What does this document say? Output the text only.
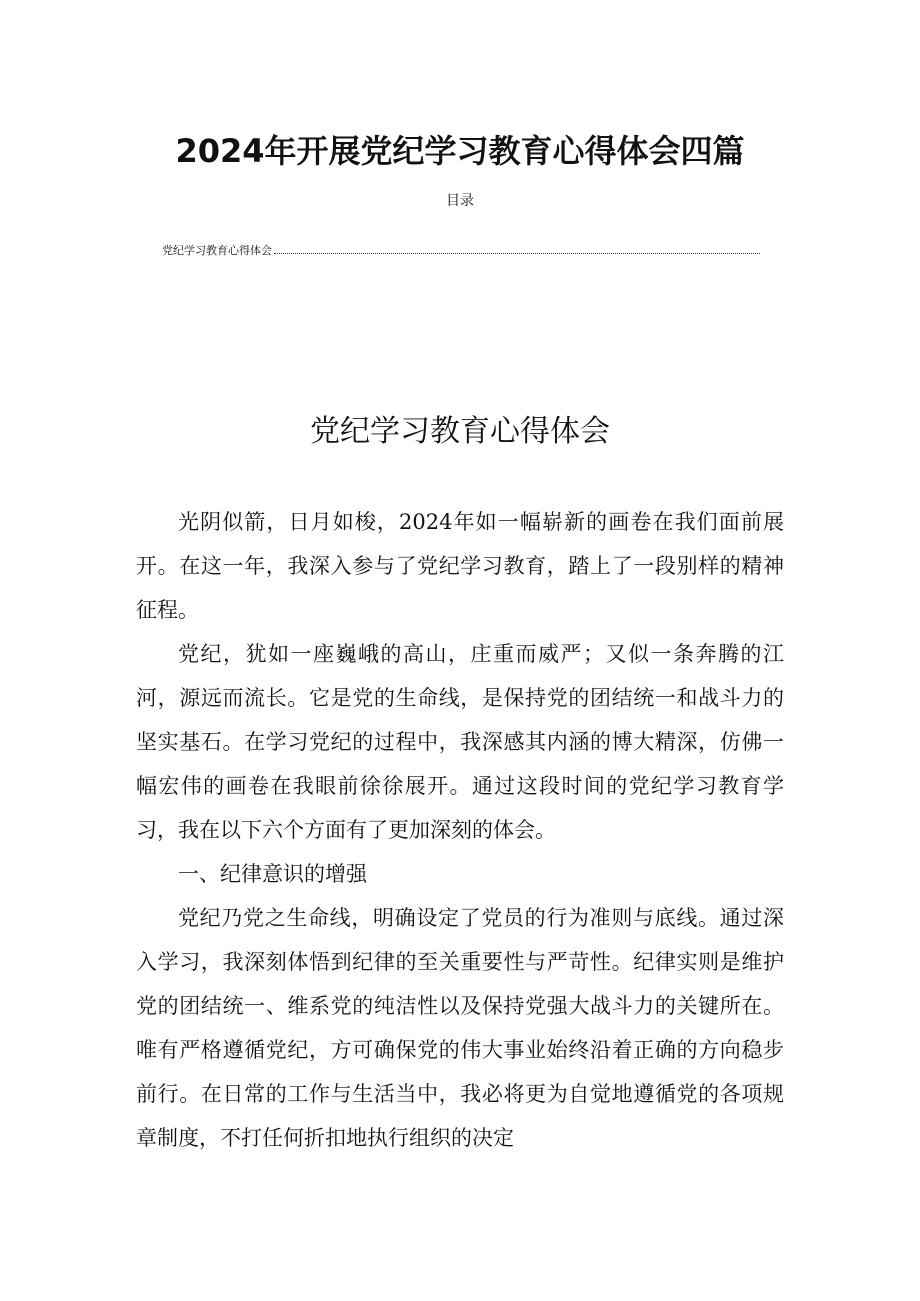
2024年开展党纪学习教育心得体会四篇
目录
党纪学习教育心得体会
党纪学习教育心得体会

光阴似箭，日月如梭，2024年如一幅崭新的画卷在我们面前展开。在这一年，我深入参与了党纪学习教育，踏上了一段别样的精神征程。

党纪，犹如一座巍峨的高山，庄重而威严；又似一条奔腾的江河，源远而流长。它是党的生命线，是保持党的团结统一和战斗力的坚实基石。在学习党纪的过程中，我深感其内涵的博大精深，仿佛一幅宏伟的画卷在我眼前徐徐展开。通过这段时间的党纪学习教育学习，我在以下六个方面有了更加深刻的体会。

一、纪律意识的增强

党纪乃党之生命线，明确设定了党员的行为准则与底线。通过深入学习，我深刻体悟到纪律的至关重要性与严苛性。纪律实则是维护党的团结统一、维系党的纯洁性以及保持党强大战斗力的关键所在。唯有严格遵循党纪，方可确保党的伟大事业始终沿着正确的方向稳步前行。在日常的工作与生活当中，我必将更为自觉地遵循党的各项规章制度，不打任何折扣地执行组织的决定
